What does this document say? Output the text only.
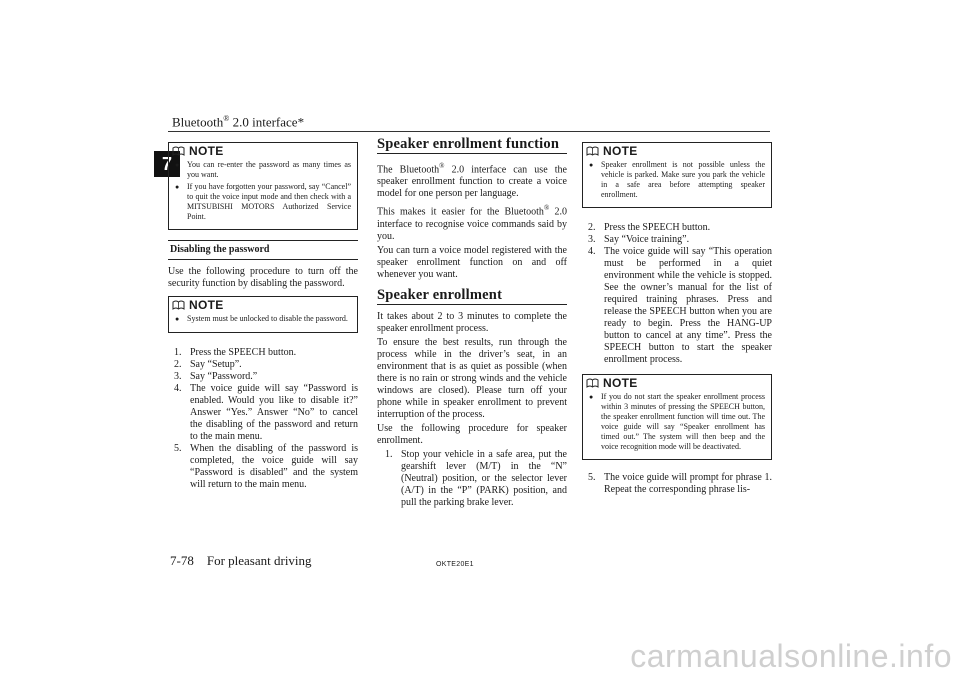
Bluetooth® 2.0 interface*
7
NOTE
● You can re-enter the password as many times as you want.
● If you have forgotten your password, say “Cancel” to quit the voice input mode and then check with a MITSUBISHI MOTORS Authorized Service Point.
Disabling the password

Use the following procedure to turn off the security function by disabling the password.

NOTE
● System must be unlocked to disable the password.
1. Press the SPEECH button.
2. Say “Setup”.
3. Say “Password.”
4. The voice guide will say “Password is enabled. Would you like to disable it?” Answer “Yes.” Answer “No” to cancel the disabling of the password and return to the main menu.
5. When the disabling of the password is completed, the voice guide will say “Password is disabled” and the system will return to the main menu.
Speaker enrollment function

The Bluetooth® 2.0 interface can use the speaker enrollment function to create a voice model for one person per language.

This makes it easier for the Bluetooth® 2.0 interface to recognise voice commands said by you.

You can turn a voice model registered with the speaker enrollment function on and off whenever you want.

Speaker enrollment

It takes about 2 to 3 minutes to complete the speaker enrollment process.

To ensure the best results, run through the process while in the driver’s seat, in an environment that is as quiet as possible (when there is no rain or strong winds and the vehicle windows are closed). Please turn off your phone while in speaker enrollment to prevent interruption of the process.

Use the following procedure for speaker enrollment.

1. Stop your vehicle in a safe area, put the gearshift lever (M/T) in the “N” (Neutral) position, or the selector lever (A/T) in the “P” (PARK) position, and pull the parking brake lever.
NOTE
● Speaker enrollment is not possible unless the vehicle is parked. Make sure you park the vehicle in a safe area before attempting speaker enrollment.
2. Press the SPEECH button.
3. Say “Voice training”.
4. The voice guide will say “This operation must be performed in a quiet environment while the vehicle is stopped. See the owner’s manual for the list of required training phrases. Press and release the SPEECH button when you are ready to begin. Press the HANG-UP button to cancel at any time”. Press the SPEECH button to start the speaker enrollment process.
NOTE
● If you do not start the speaker enrollment process within 3 minutes of pressing the SPEECH button, the speaker enrollment function will time out. The voice guide will say “Speaker enrollment has timed out.” The system will then beep and the voice recognition mode will be deactivated.
5. The voice guide will prompt for phrase 1. Repeat the corresponding phrase lis-
7-78 For pleasant driving	OKTE20E1
carmanualsonline.info
